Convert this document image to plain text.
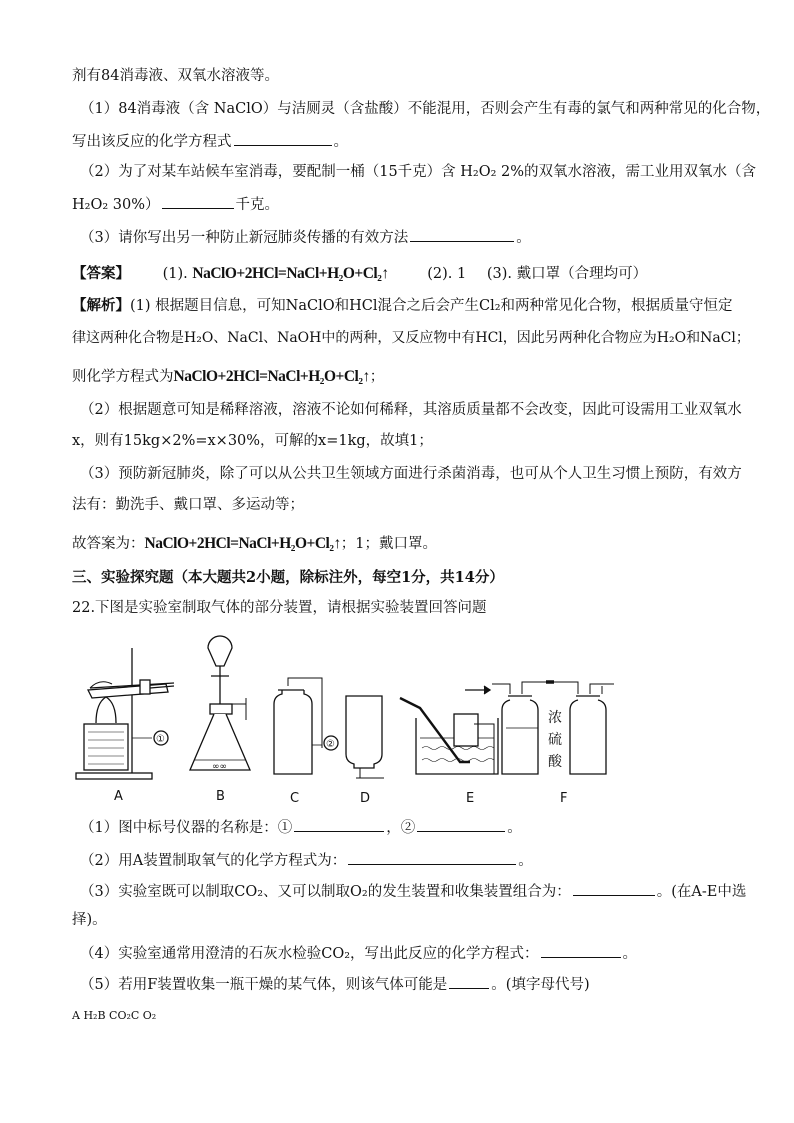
剂有84消毒液、双氧水溶液等。
（1）84消毒液（含 NaClO）与洁厕灵（含盐酸）不能混用，否则会产生有毒的氯气和两种常见的化合物，
写出该反应的化学方程式	。
（2）为了对某车站候车室消毒，要配制一桶（15千克）含 H₂O₂ 2%的双氧水溶液，需工业用双氧水（含
H₂O₂ 30%）	千克。
（3）请你写出另一种防止新冠肺炎传播的有效方法	。
【答案】 (1). NaClO+2HCl=NaCl+H₂O+Cl₂↑	(2). 1 (3). 戴口罩（合理均可）
【解析】(1) 根据题目信息，可知NaClO和HCl混合之后会产生Cl₂和两种常见化合物，根据质量守恒定
律这两种化合物是H₂O、NaCl、NaOH中的两种，又反应物中有HCl，因此另两种化合物应为H₂O和NaCl；
则化学方程式为NaClO+2HCl=NaCl+H₂O+Cl₂↑；
（2）根据题意可知是稀释溶液，溶液不论如何稀释，其溶质质量都不会改变，因此可设需用工业双氧水
x，则有15kg×2%=x×30%，可解的x=1kg，故填1；
（3）预防新冠肺炎，除了可以从公共卫生领域方面进行杀菌消毒，也可从个人卫生习惯上预防，有效方
法有：勤洗手、戴口罩、多运动等；
故答案为：NaClO+2HCl=NaCl+H₂O+Cl₂↑；1；戴口罩。
三、实验探究题（本大题共2小题，除标注外，每空1分，共14分）
22.下图是实验室制取气体的部分装置，请根据实验装置回答问题
①
∞∞
②
浓
硫
酸
A	B	C	D	E	F
（1）图中标号仪器的名称是：①	，②	。
（2）用A装置制取氧气的化学方程式为：	。
（3）实验室既可以制取CO₂、又可以制取O₂的发生装置和收集装置组合为：	。(在A-E中选
择)。
（4）实验室通常用澄清的石灰水检验CO₂，写出此反应的化学方程式：	。
（5）若用F装置收集一瓶干燥的某气体，则该气体可能是	。(填字母代号)
A H₂B CO₂C O₂
